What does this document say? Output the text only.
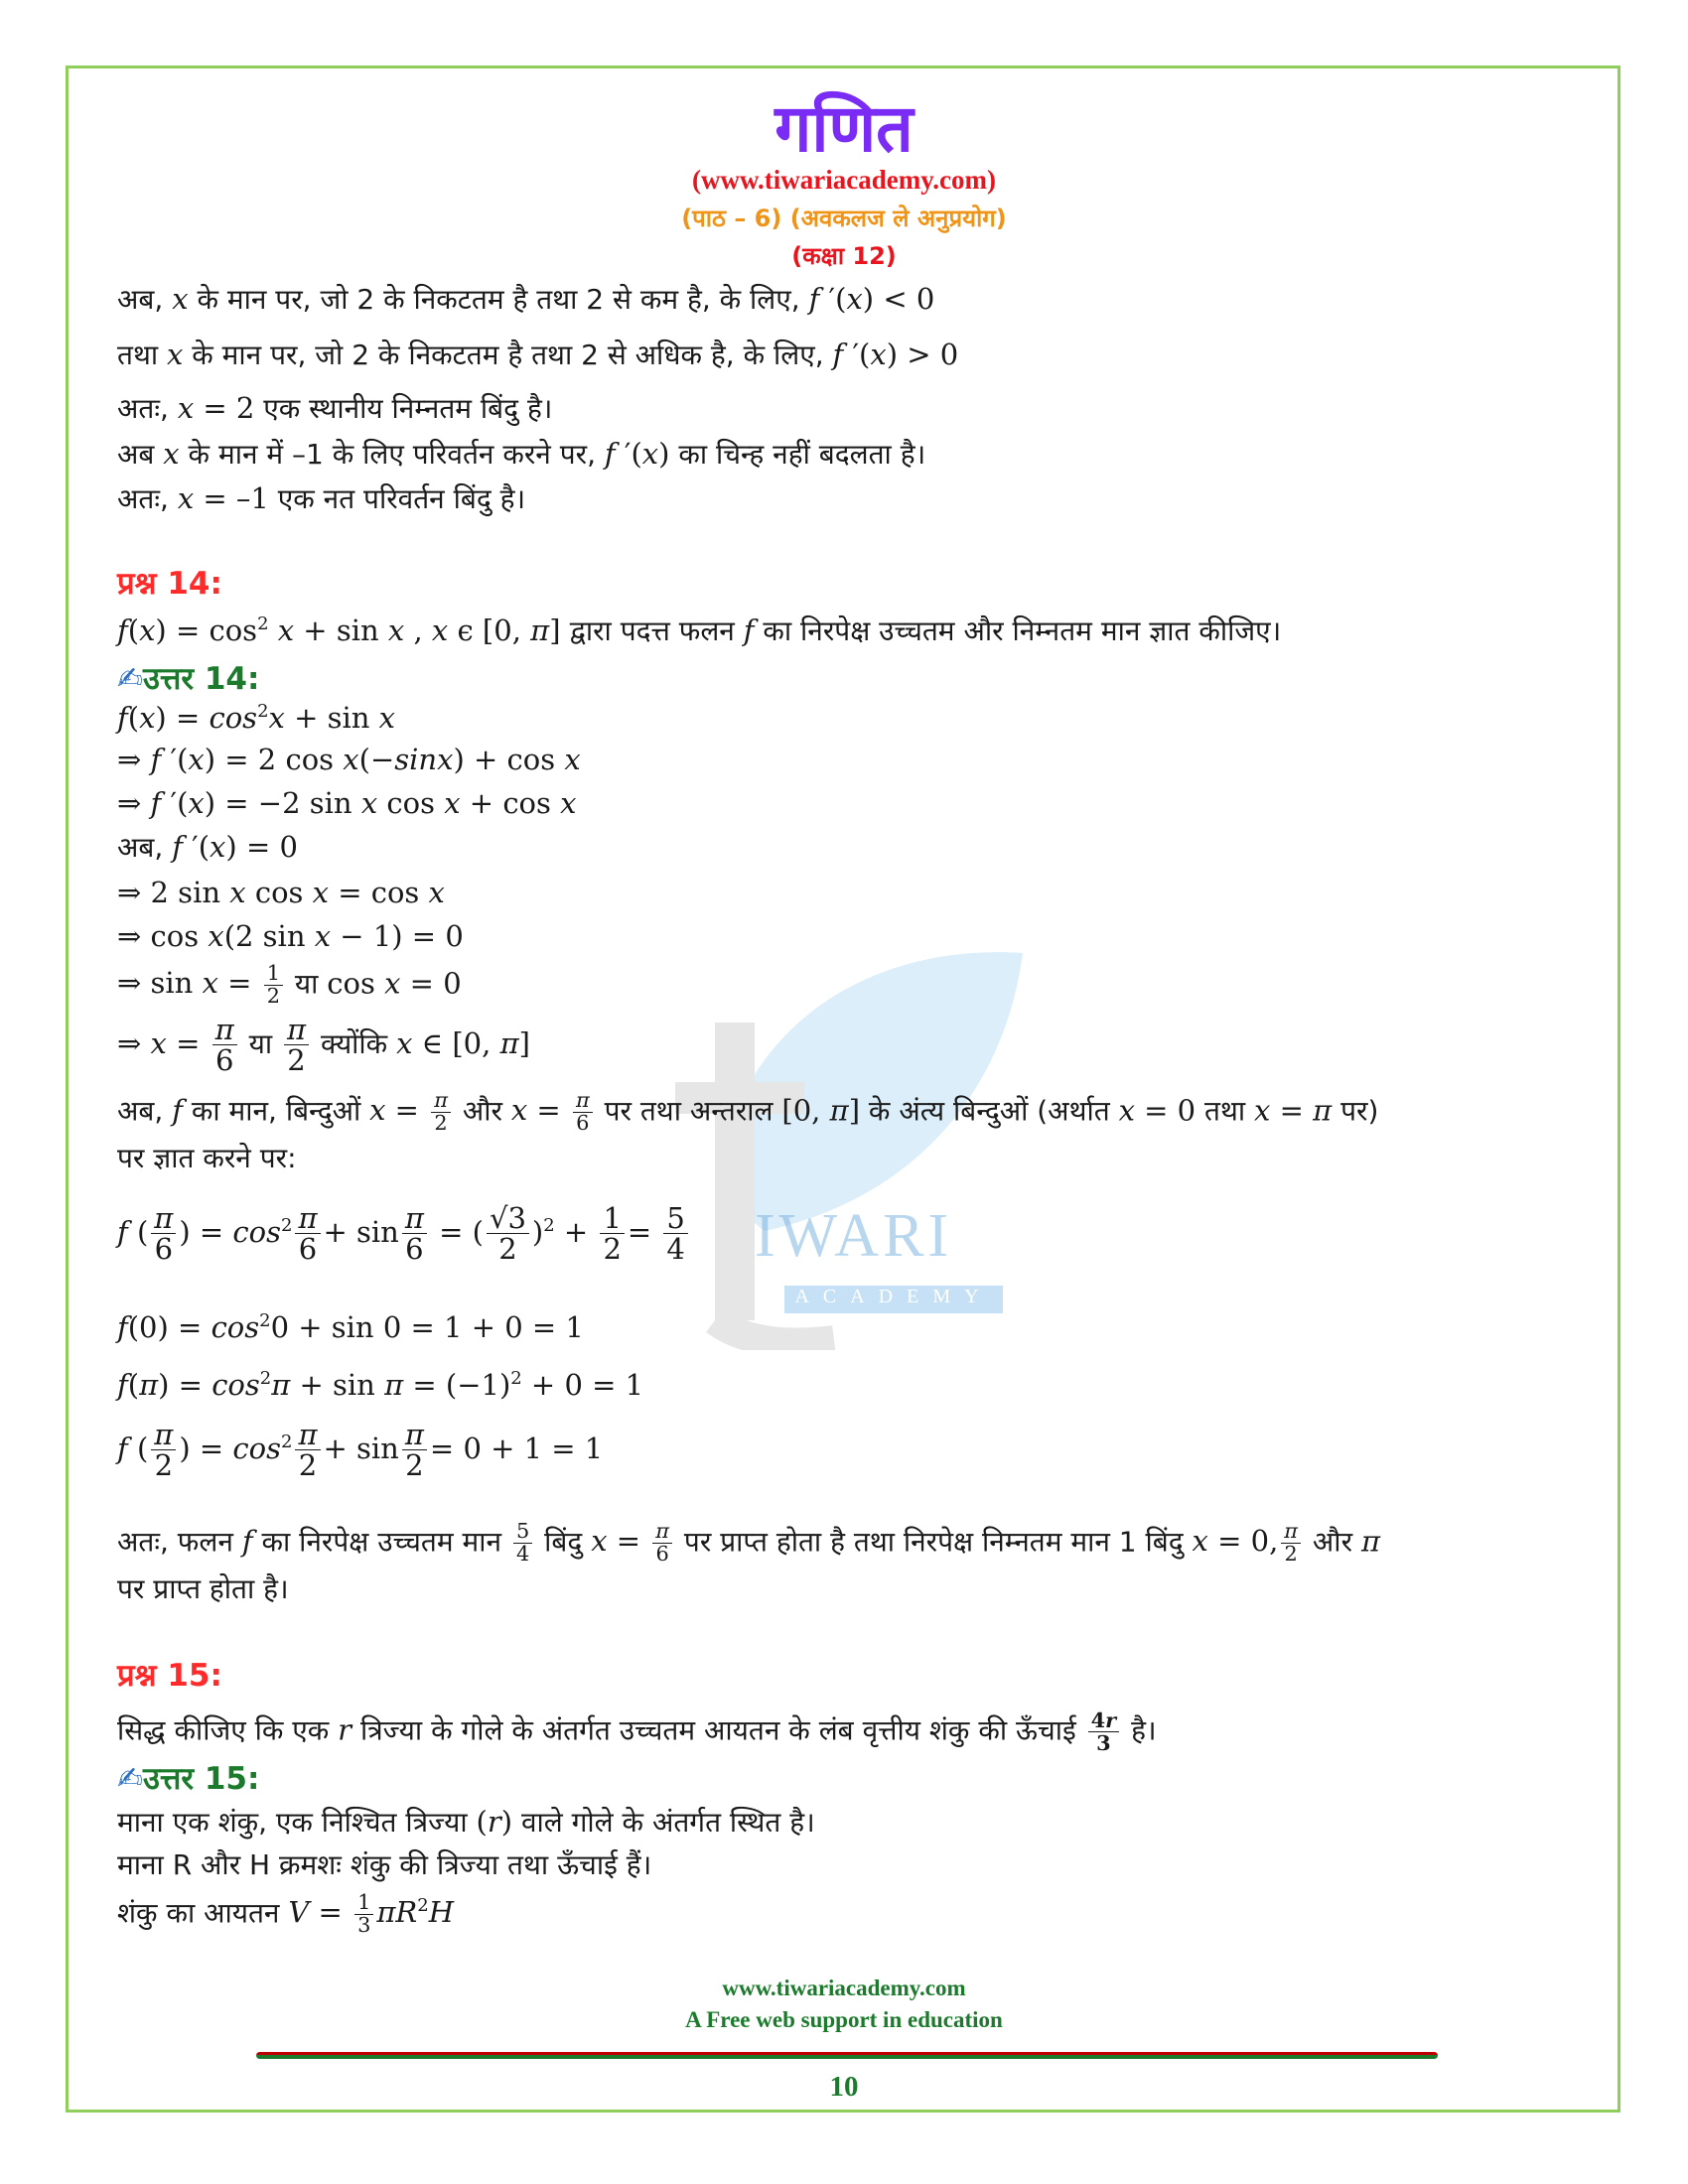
IWARI
ACADEMY
गणित
(www.tiwariacademy.com)
(पाठ – 6) (अवकलज ले अनुप्रयोग)
(कक्षा 12)
अब, x के मान पर, जो 2 के निकटतम है तथा 2 से कम है, के लिए, f ′(x) < 0
तथा x के मान पर, जो 2 के निकटतम है तथा 2 से अधिक है, के लिए, f ′(x) > 0
अतः, x = 2 एक स्थानीय निम्नतम बिंदु है।
अब x के मान में –1 के लिए परिवर्तन करने पर, f ′(x) का चिन्ह नहीं बदलता है।
अतः, x = –1 एक नत परिवर्तन बिंदु है।
प्रश्न 14:
$f(x) = \cos^2 x + \sin x$ , x ϵ [0, π] द्वारा पदत्त फलन f का निरपेक्ष उच्चतम और निम्नतम मान ज्ञात कीजिए।
✍उत्तर 14:
$f(x) = \cos^2x + \sin x$
⇒ f ′(x) = 2 cos x(−sinx) + cos x
⇒ f ′(x) = −2 sin x cos x + cos x
अब, f ′(x) = 0
⇒ 2 sin x cos x = cos x
⇒ cos x(2 sin x − 1) = 0
⇒ $\sin x = \frac{1}{2}$ या cos x = 0
⇒ $x = \frac{\pi}{6}$ या $\frac{\pi}{2}$ क्योंकि x ∈ [0, π]
अब, f का मान, बिन्दुओं $x = \frac{\pi}{2}$ और $x = \frac{\pi}{6}$ पर तथा अन्तराल [0, π] के अंत्य बिन्दुओं (अर्थात x = 0 तथा x = π पर)
पर ज्ञात करने पर:
f ( $\frac{\pi}{6}$ ) = $\cos^2 \frac{\pi}{6} + \sin \frac{\pi}{6}$ = ( $\frac{√3}{2} )^2 + \frac{1}{2} = \frac{5}{4}$
$f(0) = \cos^20 + \sin 0 = 1 + 0 = 1$
$f(\pi) = \cos^2\pi + \sin \pi = (-1)^2 + 0 = 1$
f ( $\frac{\pi}{2}$ ) = $\cos^2 \frac{\pi}{2} + \sin \frac{\pi}{2} = 0 + 1 = 1$
अतः, फलन f का निरपेक्ष उच्चतम मान $\frac{5}{4}$ बिंदु $x = \frac{\pi}{6}$ पर प्राप्त होता है तथा निरपेक्ष निम्नतम मान 1 बिंदु x = 0, $\frac{\pi}{2}$ और π
पर प्राप्त होता है।
प्रश्न 15:
सिद्ध कीजिए कि एक r त्रिज्या के गोले के अंतर्गत उच्चतम आयतन के लंब वृत्तीय शंकु की ऊँचाई $\frac{4r}{3}$ है।
✍उत्तर 15:
माना एक शंकु, एक निश्चित त्रिज्या (r) वाले गोले के अंतर्गत स्थित है।
माना R और H क्रमशः शंकु की त्रिज्या तथा ऊँचाई हैं।
शंकु का आयतन $V = \frac{1}{3} \pi R^2H$
www.tiwariacademy.com
A Free web support in education
10
